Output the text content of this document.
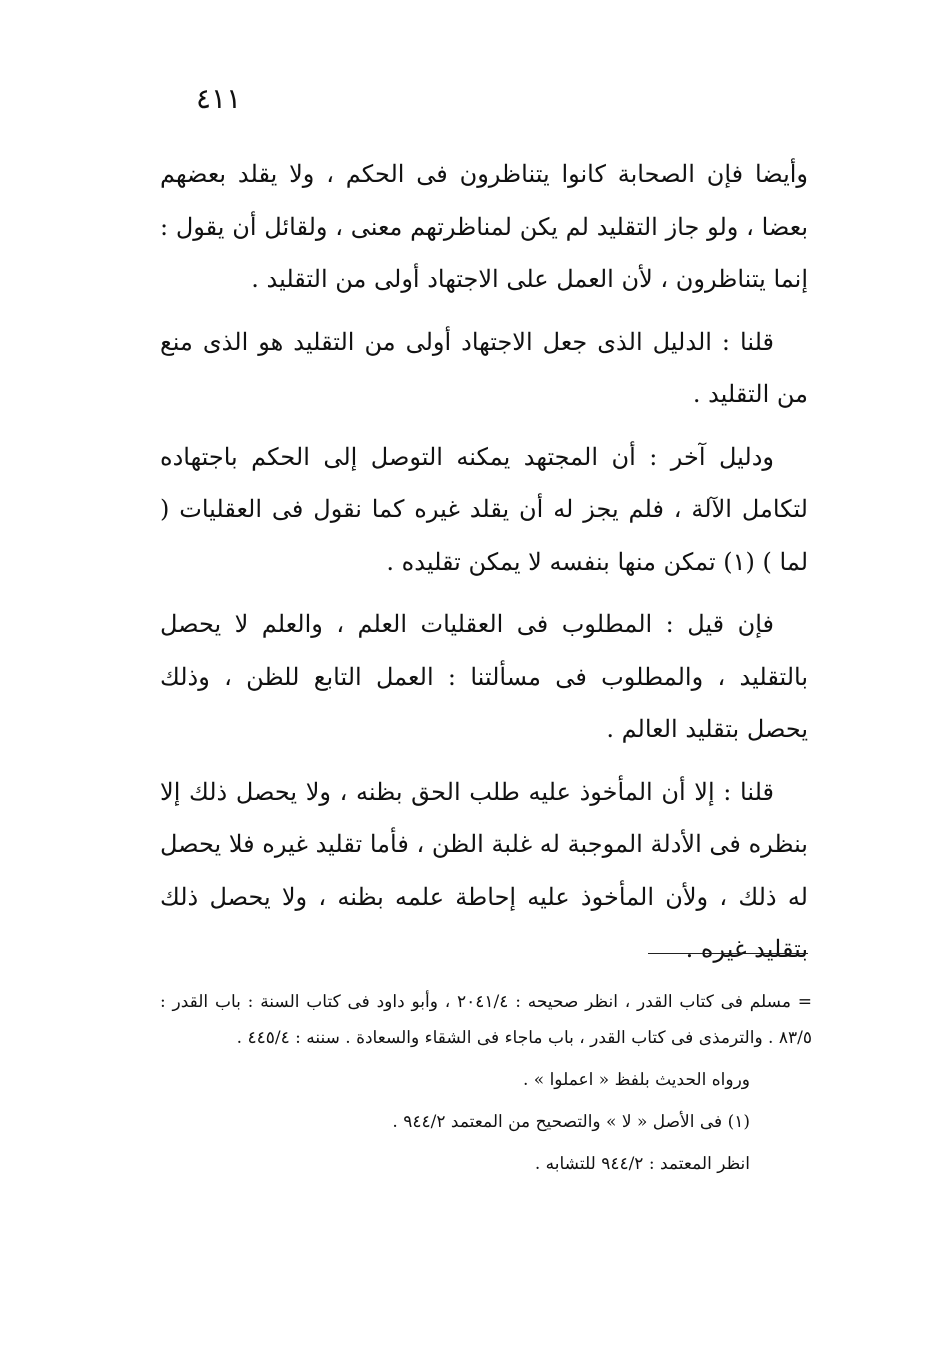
٤١١

وأيضا فإن الصحابة كانوا يتناظرون فى الحكم ، ولا يقلد بعضهم بعضا ، ولو جاز التقليد لم يكن لمناظرتهم معنى ، ولقائل أن يقول : إنما يتناظرون ، لأن العمل على الاجتهاد أولى من التقليد .

قلنا : الدليل الذى جعل الاجتهاد أولى من التقليد هو الذى منع من التقليد .

ودليل آخر : أن المجتهد يمكنه التوصل إلى الحكم باجتهاده لتكامل الآلة ، فلم يجز له أن يقلد غيره كما نقول فى العقليات ( لما ) (١) تمكن منها بنفسه لا يمكن تقليده .

فإن قيل : المطلوب فى العقليات العلم ، والعلم لا يحصل بالتقليد ، والمطلوب فى مسألتنا : العمل التابع للظن ، وذلك يحصل بتقليد العالم .

قلنا : إلا أن المأخوذ عليه طلب الحق بظنه ، ولا يحصل ذلك إلا بنظره فى الأدلة الموجبة له غلبة الظن ، فأما تقليد غيره فلا يحصل له ذلك ، ولأن المأخوذ عليه إحاطة علمه بظنه ، ولا يحصل ذلك بتقليد غيره .

= مسلم فى كتاب القدر ، انظر صحيحه : ٢٠٤١/٤ ، وأبو داود فى كتاب السنة : باب القدر : ٨٣/٥ . والترمذى فى كتاب القدر ، باب ماجاء فى الشقاء والسعادة . سننه : ٤٤٥/٤ .

ورواه الحديث بلفظ « اعملوا » .

(١) فى الأصل « لا » والتصحيح من المعتمد ٩٤٤/٢ .

انظر المعتمد : ٩٤٤/٢ للتشابه .
